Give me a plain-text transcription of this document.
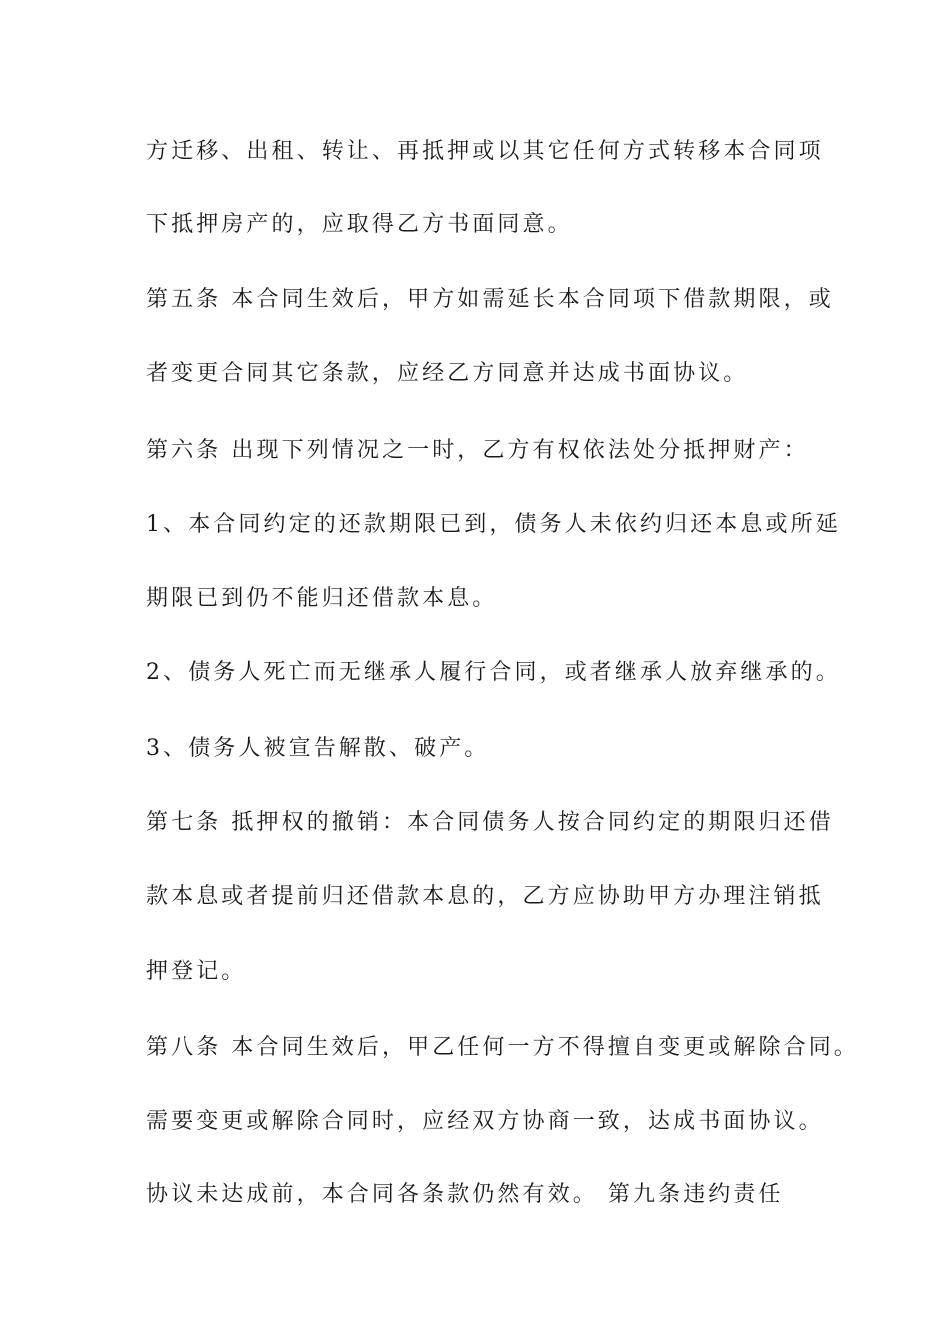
方迁移、出租、转让、再抵押或以其它任何方式转移本合同项
下抵押房产的，应取得乙方书面同意。
第五条 本合同生效后，甲方如需延长本合同项下借款期限，或
者变更合同其它条款，应经乙方同意并达成书面协议。
第六条 出现下列情况之一时，乙方有权依法处分抵押财产：
1、本合同约定的还款期限已到，债务人未依约归还本息或所延
期限已到仍不能归还借款本息。
2、债务人死亡而无继承人履行合同，或者继承人放弃继承的。
3、债务人被宣告解散、破产。
第七条 抵押权的撤销：本合同债务人按合同约定的期限归还借
款本息或者提前归还借款本息的，乙方应协助甲方办理注销抵
押登记。
第八条 本合同生效后，甲乙任何一方不得擅自变更或解除合同。
需要变更或解除合同时，应经双方协商一致，达成书面协议。
协议未达成前，本合同各条款仍然有效。 第九条违约责任
